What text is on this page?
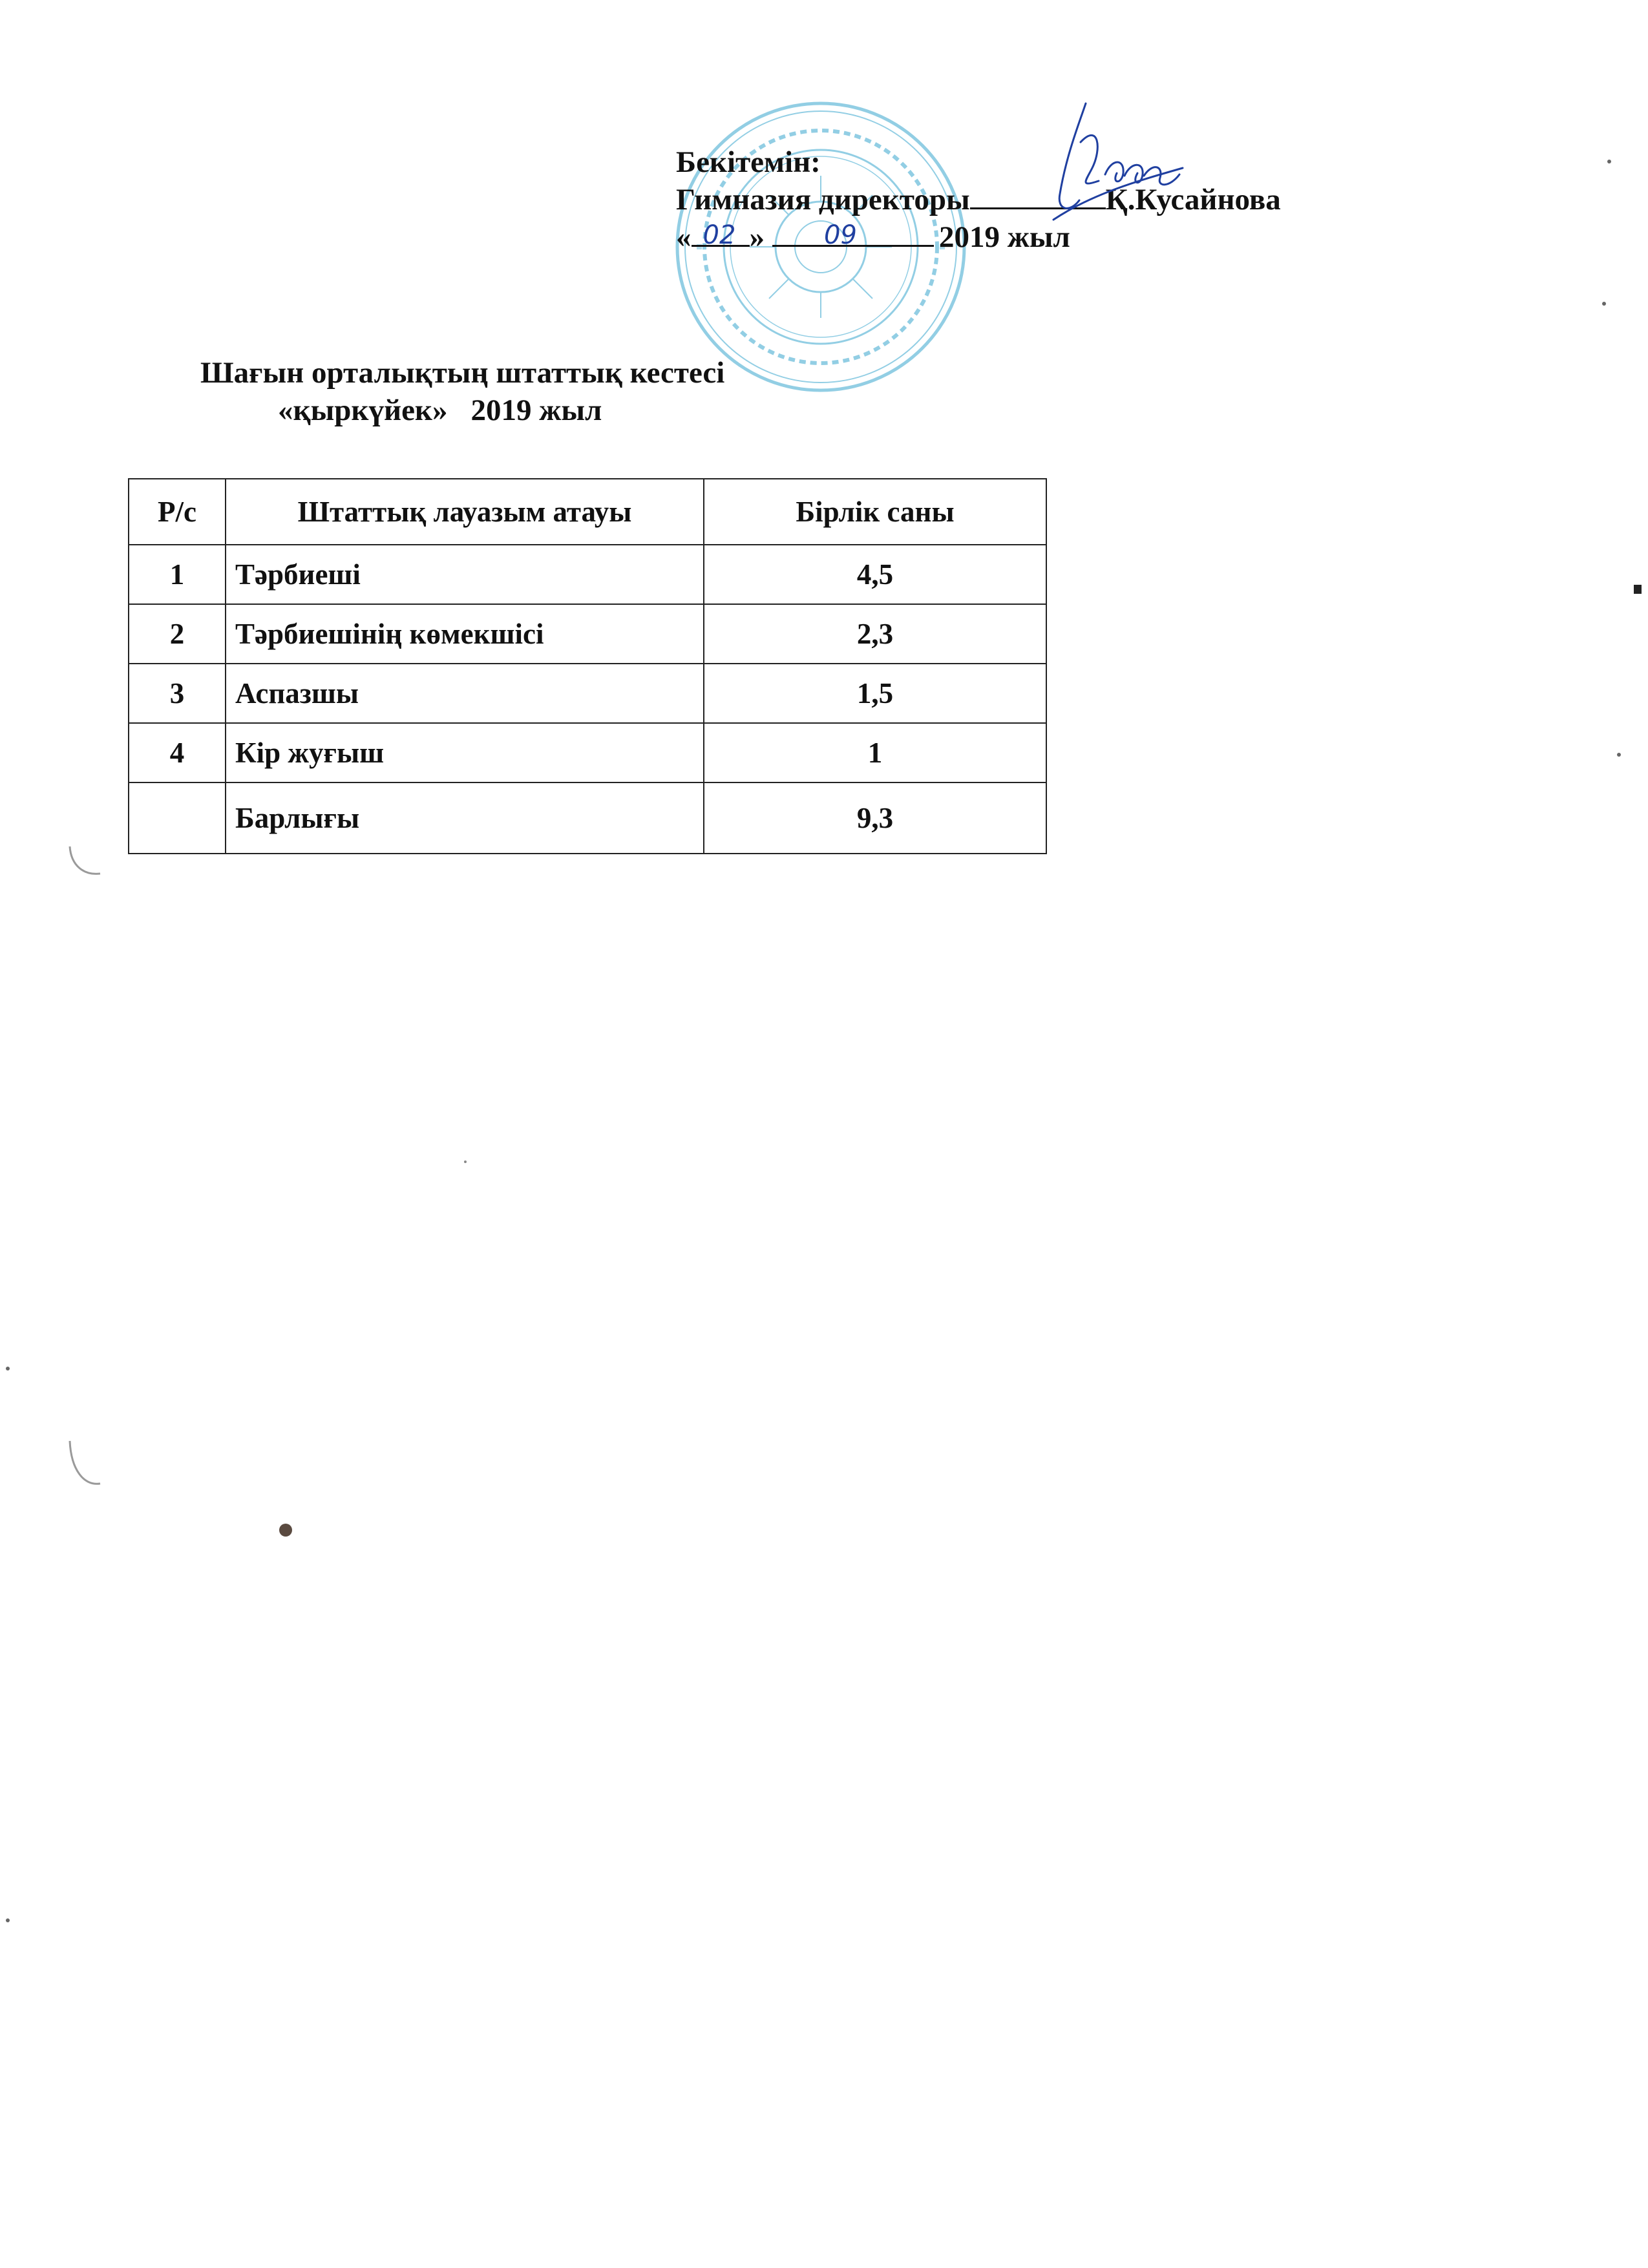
Бекітемін:
Гимназия директоры	Қ.Кусайнова
« 02 » 09	2019 жыл
Шағын орталықтың штаттық кестесі
«қыркүйек» 2019 жыл
Р/с	Штаттық лауазым атауы	Бірлік саны
1	Тәрбиеші	4,5
2	Тәрбиешінің көмекшісі	2,3
3	Аспазшы	1,5
4	Кір жуғыш	1
	Барлығы	9,3
